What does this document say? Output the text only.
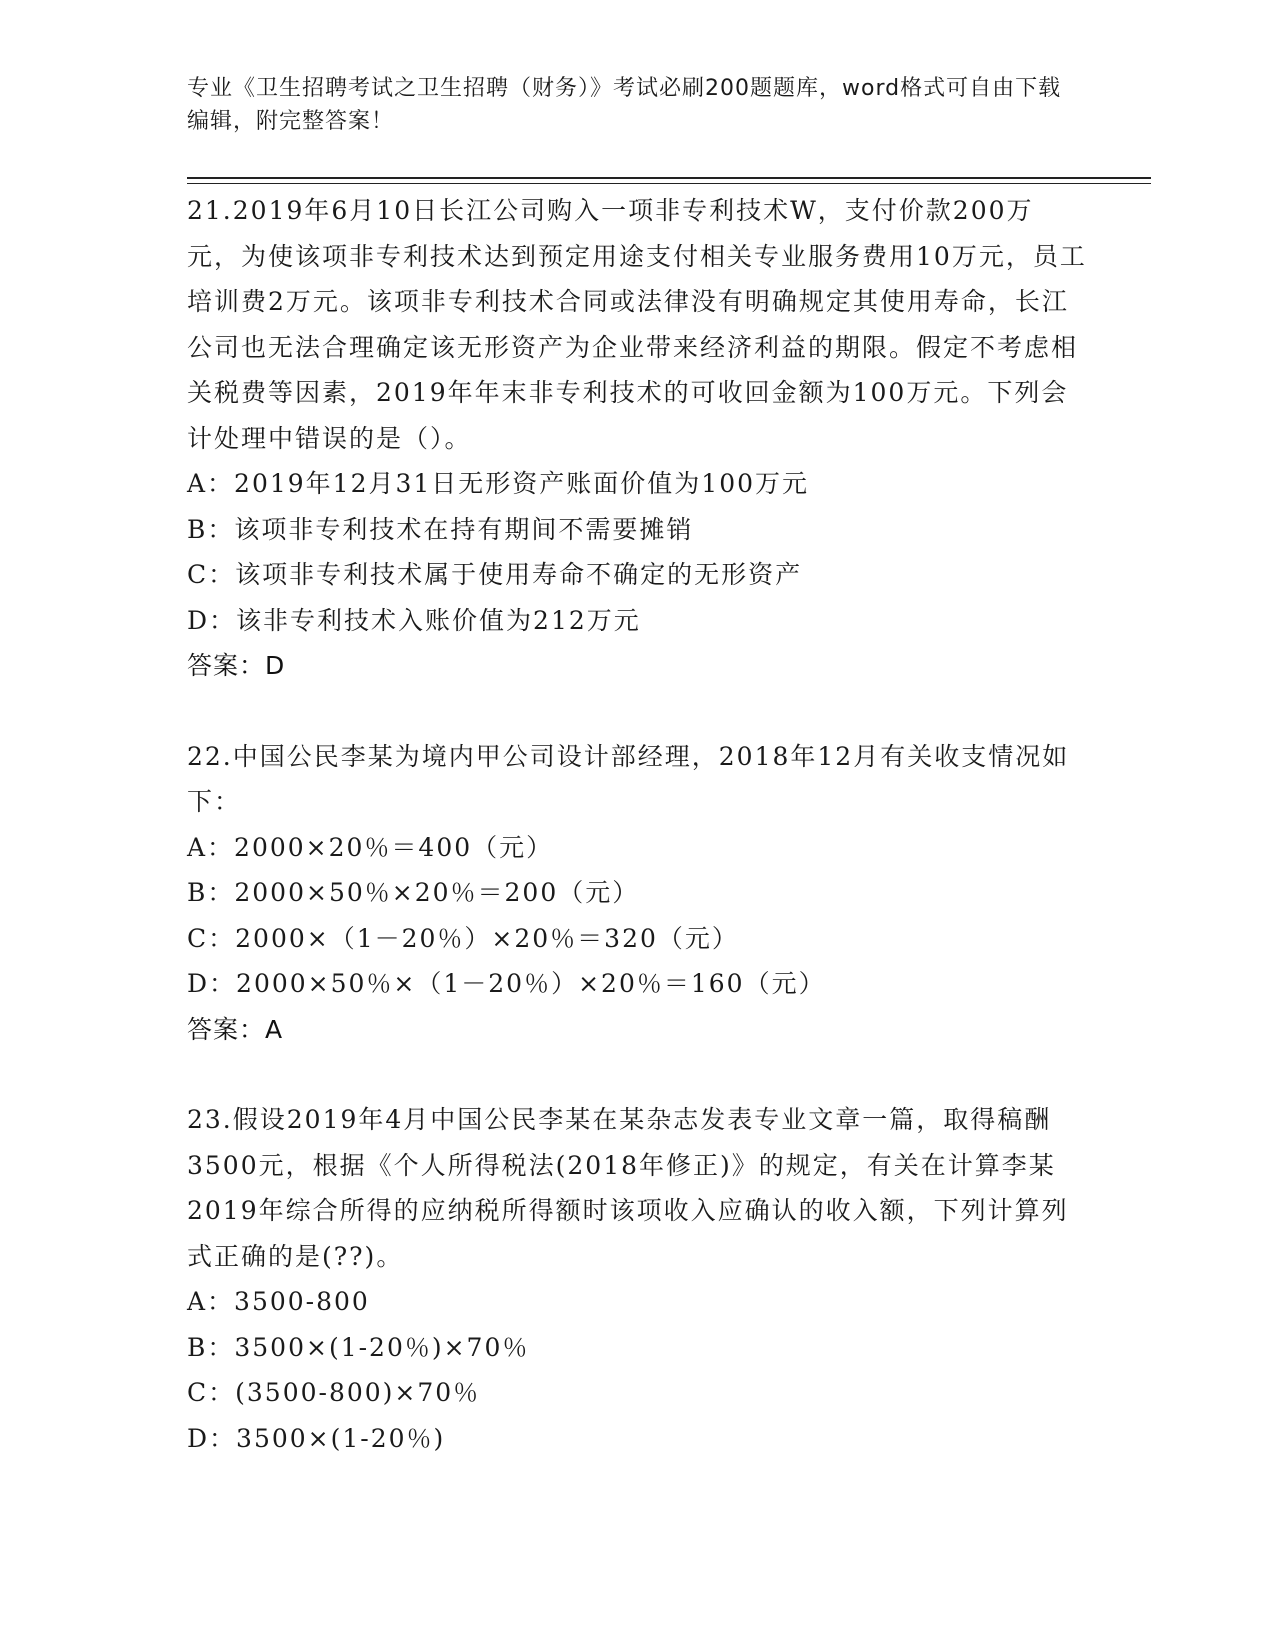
专业《卫生招聘考试之卫生招聘（财务）》考试必刷200题题库，word格式可自由下载编辑，附完整答案！
21.2019年6月10日长江公司购入一项非专利技术W，支付价款200万元，为使该项非专利技术达到预定用途支付相关专业服务费用10万元，员工培训费2万元。该项非专利技术合同或法律没有明确规定其使用寿命，长江公司也无法合理确定该无形资产为企业带来经济利益的期限。假定不考虑相关税费等因素，2019年年末非专利技术的可收回金额为100万元。下列会计处理中错误的是（）。
A：2019年12月31日无形资产账面价值为100万元
B：该项非专利技术在持有期间不需要摊销
C：该项非专利技术属于使用寿命不确定的无形资产
D：该非专利技术入账价值为212万元
答案：D
22.中国公民李某为境内甲公司设计部经理，2018年12月有关收支情况如下：
A：2000×20％＝400（元）
B：2000×50％×20％＝200（元）
C：2000×（1－20％）×20％＝320（元）
D：2000×50％×（1－20％）×20％＝160（元）
答案：A
23.假设2019年4月中国公民李某在某杂志发表专业文章一篇，取得稿酬3500元，根据《个人所得税法(2018年修正)》的规定，有关在计算李某2019年综合所得的应纳税所得额时该项收入应确认的收入额，下列计算列式正确的是(??)。
A：3500-800
B：3500×(1-20％)×70％
C：(3500-800)×70％
D：3500×(1-20％)
